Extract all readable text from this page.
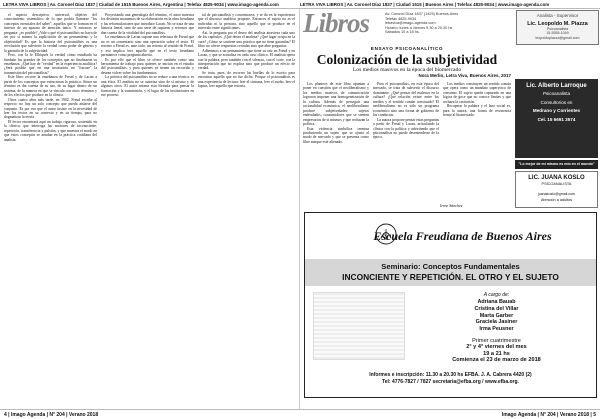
LETRA VIVA LIBROS | Av. Coronel Díaz 1837 | Ciudad de 1515 Buenos Aires, Argentina | Telefax 4825-9034 | www.imago-agenda.com	LETRA VIVA LIBROS | Av. Coronel Díaz 1837 | Ciudad 1515 | Buenos Aires | Telefax 4825-9034 | www.imago-agenda.com

el aspecto descriptivo, universal, objetivo del conocimiento sistemático de lo que podría llamarse "los conceptos esenciales del saber", aquellos que se forman en el interior de un aparato de atención único. Y entonces se pregunta: ¿es posible? ¿Vale o qué el psicoanálisis no haya de ser por sí mismo la explicación de un pensamiento y la objetividad? Es que la historia del psicoanálisis es una revolución que subvierte la verdad como poder de génesis y la garantía de la subjetividad.

Pero, con la fe Ellriqués la verdad cómo estudiada ha fundado los grandes de los conceptos que no finalizaron su enseñanza. ¿Qué hay de "verdad" en la experiencia analítica? ¿Será posible que en una institución no "fracase" la transmisión del psicoanálisis?

Este libro recorre la enseñanza de Freud y de Lacan a partir de los conceptos que estructuran la práctica. Situar un término es dar cuenta de su uso, de su lugar dentro de un sistema, de la manera en que se vincula con otros términos y de los efectos que produce en la clínica.

Otros cuatro años más tarde, en 1902, Freud escribe al respecto: no hay un solo concepto que pueda aislarse del conjunto. Es por eso que el autor insiste en la necesidad de leer los textos en su contexto y en su tiempo, para no dogmatizar la teoría.

El lector encontrará aquí un trabajo riguroso, sostenido en la clínica, que interroga las nociones de inconsciente, repetición, transferencia y pulsión, y que muestra el modo en que estos conceptos se anudan en la práctica cotidiana del analista.

Proyectando una genealogía del término, el autor muestra los distintos momentos de su elaboración en la obra freudiana y las reformulaciones que introduce Lacan. No se trata de una historia lineal, sino de una serie de rupturas y retornos que dan cuenta de la vitalidad del psicoanálisis.

La enseñanza de Lacan supone una relectura de Freud que no es un comentario sino una operación sobre el texto. El retorno a Freud es, ante todo, un retorno al sentido de Freud, y eso implica leer aquello que en el texto freudiano permanece como pregunta abierta.

Es por ello que el libro se ofrece también como una herramienta de trabajo para quienes se inician en el estudio del psicoanálisis, y para quienes ya tienen un recorrido y desean volver sobre los fundamentos.

La práctica del psicoanálisis no se reduce a una técnica: es una ética. El analista no se autoriza sino de sí mismo y de algunos otros. El autor retoma esta fórmula para pensar la formación y la transmisión, y el lugar de las instituciones en ese proceso.

tal de psicoanálisis y concentrarse, y se da en la experiencia que el discurso analítico propone. Entonces el sujeto no es el individuo ni la persona, sino aquello que se produce en el intervalo entre significantes.

Así, la pregunta por el deseo del analista atraviesa cada uno de los capítulos. ¿Qué desea el analista? ¿Qué lugar ocupa en la cura? ¿Cómo se sostiene una práctica que no tiene garantías? El libro no ofrece respuestas cerradas sino que abre preguntas.

Adherimos a un pensamiento que tiene su raíz en Freud y en Lacan, y que se actualiza en cada caso clínico. El analista opera con la palabra, pero también con el silencio, con el corte, con la interpretación que no explica sino que produce un efecto de verdad.

Se trata, pues, de recorrer las huellas de lo escrito para encontrar aquello que no fue dicho. Porque el psicoanálisis es una experiencia de lectura: leer el síntoma, leer el sueño, leer el lapsus, leer aquello que retorna.

Libros	Av. Coronel Díaz 1837 (1425) Buenos Aires
Telefax 4825-9034
letraviva@imago-agenda.com
Horario: lunes a viernes 9.30 a 20.30 hs
Sábados 10 a 18 hs.
Analista - Supervisor
Lic. Leopoldo M. Piazza
Psicoanalista
15-5555-1049
leopoldopiazza@gmail.com
ENSAYO PSICOANALÍTICO
Colonización de la subjetividad
Los medios masivos en la época del biomercado
Nora Merlin, Letra Viva, Buenos Aires, 2017

Los planteos de este libro apuntan a poner en cuestión que el neoliberalismo y los medios masivos de comunicación lograron imponer una homogeneización de la cultura. Además de perseguir una racionalidad económica, el neoliberalismo produce subjetividades: sujetos endeudados, consumidores que se sienten empresarios de sí mismos y que rechazan la política.

Esta violencia simbólica termina produciendo un sujeto que se ajusta al modo de mercado y que se presenta como libre aunque esté alienado.

Para el psicoanálisis, en esta época del mercado, se trata de subvertir el discurso dominante. ¿Qué pensar del malestar en la cultura? ¿Qué relación existe entre los medios y el sentido común construido? El neoliberalismo no es sólo un programa económico sino una forma de gobierno de las conductas.

La autora propone pensar estas preguntas a partir de Freud y Lacan, articulando la clínica con la política y advirtiendo que el psicoanálisis no puede desentenderse de la época.

Los medios construyen un sentido común que opera como un mandato superyoico de consumo. El sujeto queda capturado en una lógica de goce que no conoce límites y que rechaza la castración.

Recuperar la palabra y el lazo social es, para la autora, una forma de resistencia frente al biomercado.

Irene Sánchez
Lic. Alberto Larroque
Psicoanalista
Consultorios en
Medrano y Corrientes
Cel. 15 6691 3574
"Lo mejor de mí mismo es mío en el mundo"
LIC. JUANA KOSLO
PSICOANALISTA
juanakoslo@gmail.com
Atención a adultos
Escuela Freudiana de Buenos Aires
Seminario: Conceptos Fundamentales
INCONCIENTE Y REPETICIÓN. EL OTRO Y EL SUJETO
A cargo de:
Adriana Bauab
Cristina del Villar
Marta Garber
Graciela Jasiner
Irma Peusner
Primer cuatrimestre
2° y 4° viernes del mes
19 a 21 hs
Comienza el 23 de marzo de 2018
Informes e inscripción: 11.30 a 20.30 hs EFBA. J. A. Cabrera 4420 (2)
Tel: 4776-7827 / 7827 secretaria@efba.org / www.efba.org.
4 | Imago Agenda | N° 204 | Verano 2018	Imago Agenda | N° 204 | Verano 2018 | 5
